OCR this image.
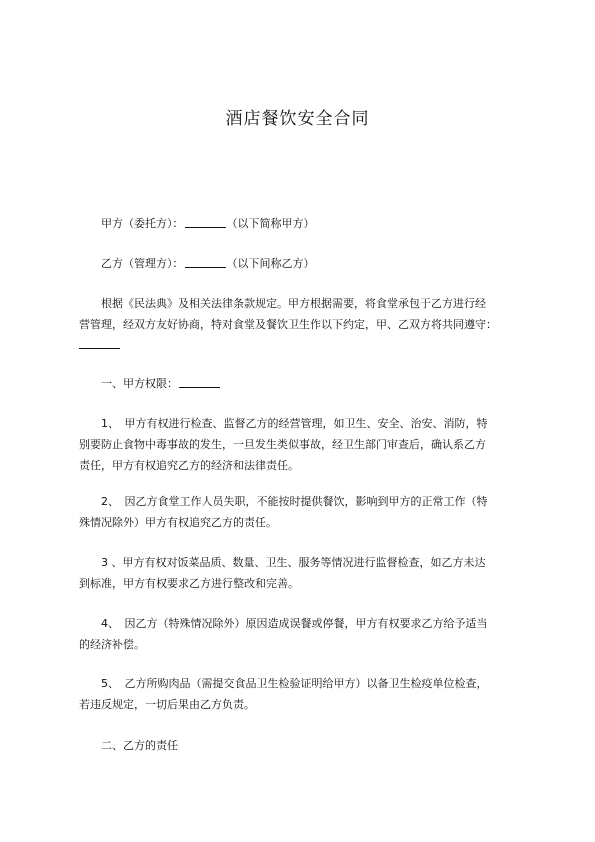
酒店餐饮安全合同
甲方（委托方）：	（以下简称甲方）
乙方（管理方）：	（以下间称乙方）

根据《民法典》及相关法律条款规定。甲方根据需要，将食堂承包于乙方进行经

营管理，经双方友好协商，特对食堂及餐饮卫生作以下约定，甲、乙双方将共同遵守：

一、甲方权限：

1、　甲方有权进行检查、监督乙方的经营管理，如卫生、安全、治安、消防，特

别要防止食物中毒事故的发生，一旦发生类似事故，经卫生部门审查后，确认系乙方

责任，甲方有权追究乙方的经济和法律责任。

2、　因乙方食堂工作人员失职，不能按时提供餐饮，影响到甲方的正常工作（特

殊情况除外）甲方有权追究乙方的责任。

3 、甲方有权对饭菜品质、数量、卫生、服务等情况进行监督检查，如乙方未达

到标准，甲方有权要求乙方进行整改和完善。

4、　因乙方（特殊情况除外）原因造成误餐或停餐，甲方有权要求乙方给予适当

的经济补偿。

5、　乙方所购肉品（需提交食品卫生检验证明给甲方）以备卫生检疫单位检查，

若违反规定，一切后果由乙方负责。

二、乙方的责任
